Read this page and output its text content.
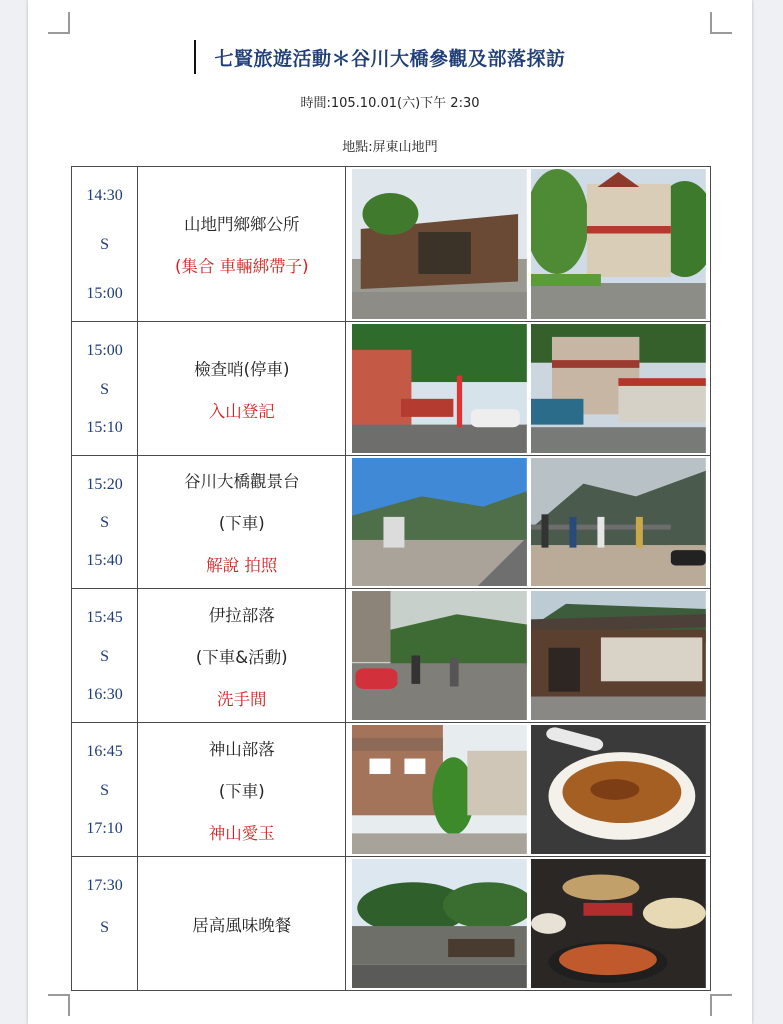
七賢旅遊活動＊谷川大橋參觀及部落探訪
時間:105.10.01(六)下午 2:30
地點:屏東山地門
14:30
S
15:00	山地門鄉鄉公所
(集合 車輛綁帶子)

15:00
S
15:10	檢查哨(停車)
入山登記

15:20
S
15:40	谷川大橋觀景台
(下車)
解說 拍照

15:45
S
16:30	伊拉部落
(下車&活動)
洗手間

16:45
S
17:10	神山部落
(下車)
神山愛玉

17:30
S	居高風味晚餐
